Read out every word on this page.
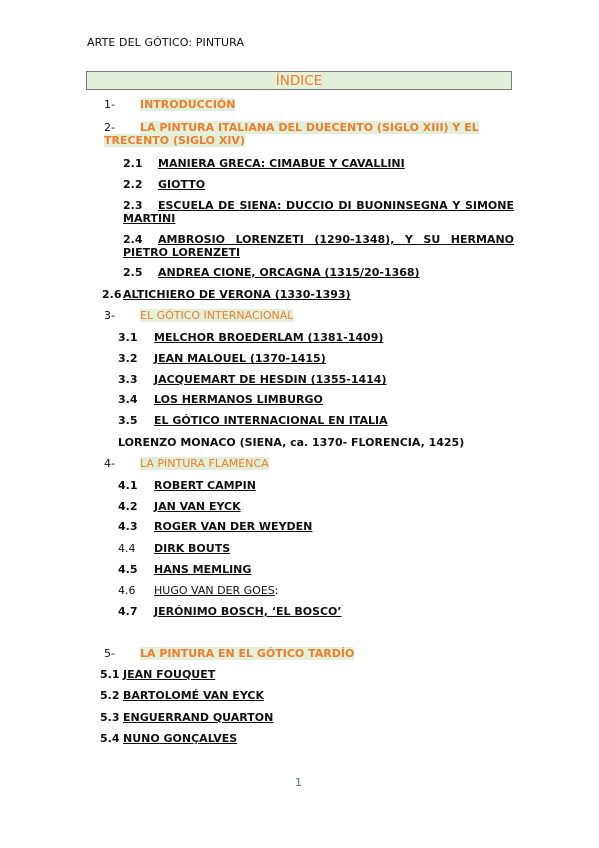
ARTE DEL GÓTICO: PINTURA
ÍNDICE
1- INTRODUCCIÓN
2- LA PINTURA ITALIANA DEL DUECENTO (SIGLO XIII) Y EL
TRECENTO (SIGLO XIV)
2.1 MANIERA GRECA: CIMABUE Y CAVALLINI
2.2 GIOTTO
2.3 ESCUELA DE SIENA: DUCCIO DI BUONINSEGNA Y SIMONE MARTINI
2.4 AMBROSIO LORENZETI (1290-1348), Y SU HERMANO PIETRO LORENZETI
2.5 ANDREA CIONE, ORCAGNA (1315/20-1368)
2.6 ALTICHIERO DE VERONA (1330-1393)
3- EL GÓTICO INTERNACIONAL
3.1 MELCHOR BROEDERLAM (1381-1409)
3.2 JEAN MALOUEL (1370-1415)
3.3 JACQUEMART DE HESDIN (1355-1414)
3.4 LOS HERMANOS LIMBURGO
3.5 EL GÓTICO INTERNACIONAL EN ITALIA
LORENZO MONACO (SIENA, ca. 1370- FLORENCIA, 1425)
4- LA PINTURA FLAMENCA
4.1 ROBERT CAMPIN
4.2 JAN VAN EYCK
4.3 ROGER VAN DER WEYDEN
4.4 DIRK BOUTS
4.5 HANS MEMLING
4.6 HUGO VAN DER GOES:
4.7 JERÓNIMO BOSCH, ‘EL BOSCO’
5- LA PINTURA EN EL GÓTICO TARDÍO
5.1 JEAN FOUQUET
5.2 BARTOLOMÉ VAN EYCK
5.3 ENGUERRAND QUARTON
5.4 NUNO GONÇALVES
1
